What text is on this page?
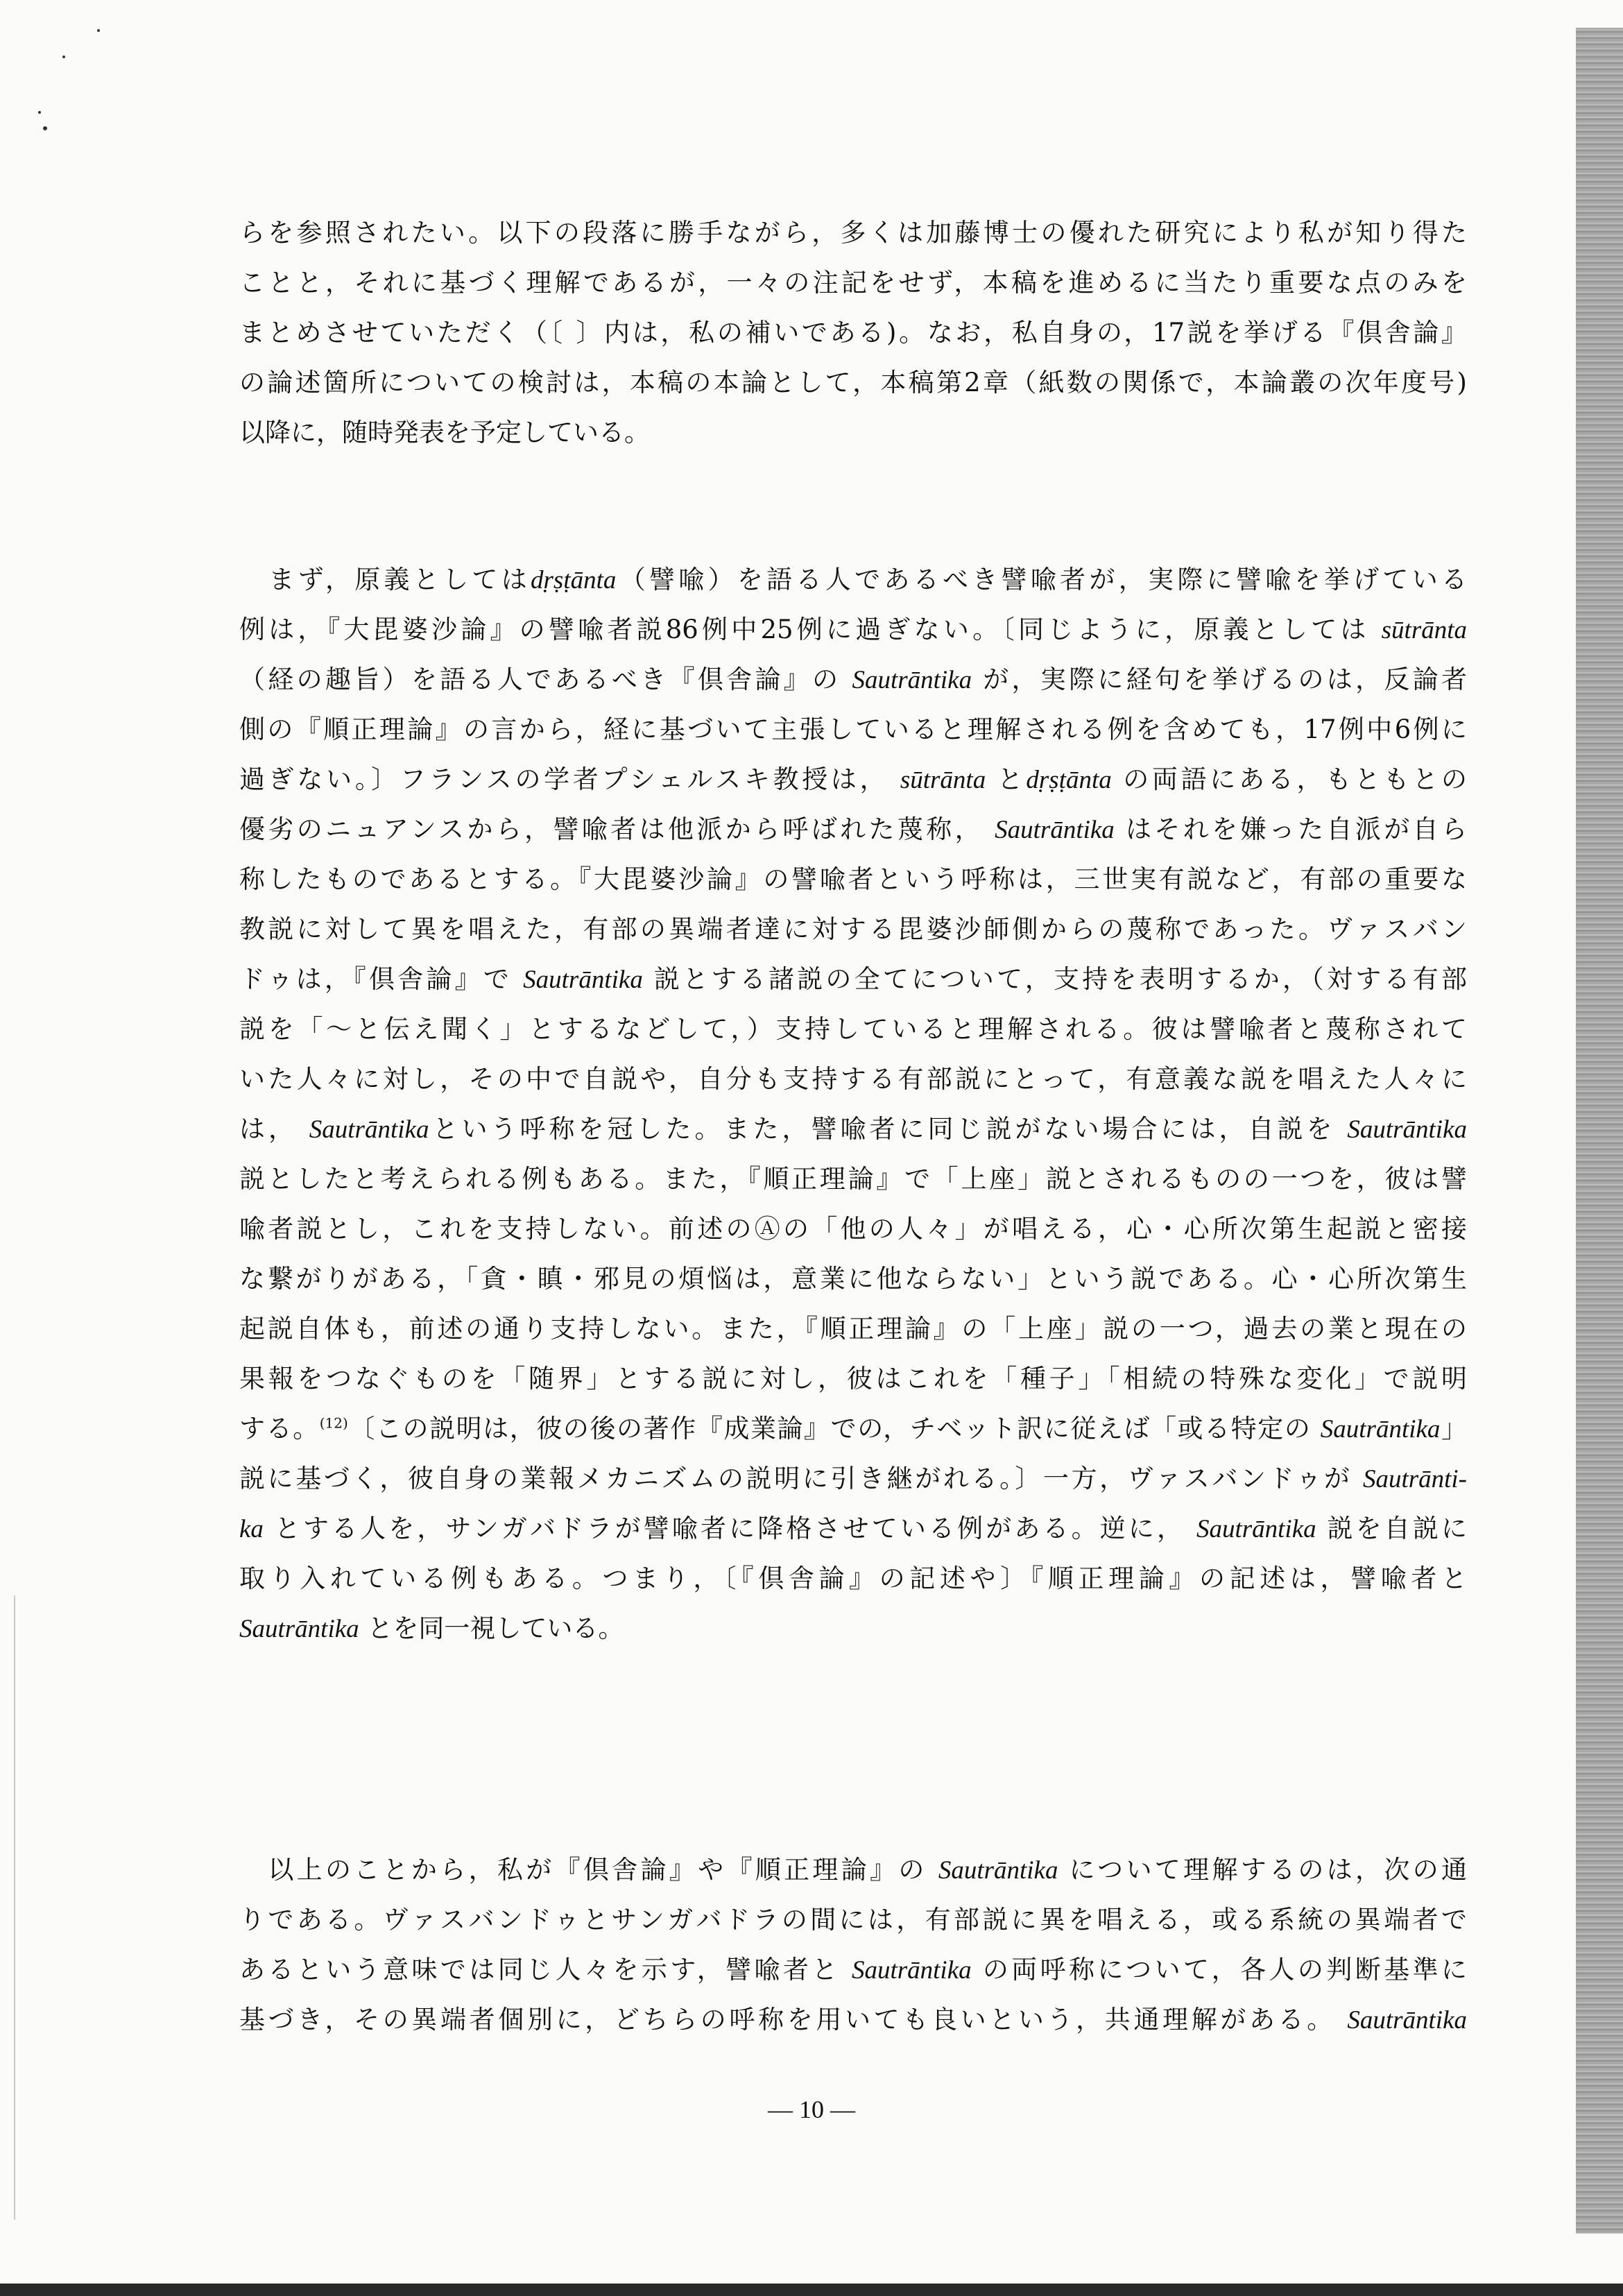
らを参照されたい。以下の段落に勝手ながら，多くは加藤博士の優れた研究により私が知り得た
ことと，それに基づく理解であるが，一々の注記をせず，本稿を進めるに当たり重要な点のみを
まとめさせていただく（〔 〕内は，私の補いである)。なお，私自身の，17説を挙げる『倶舎論』
の論述箇所についての検討は，本稿の本論として，本稿第2章（紙数の関係で，本論叢の次年度号)
以降に，随時発表を予定している。
　まず，原義としてはdṛṣṭānta（譬喩）を語る人であるべき譬喩者が，実際に譬喩を挙げている
例は，『大毘婆沙論』の譬喩者説86例中25例に過ぎない。〔同じように，原義としては sūtrānta
（経の趣旨）を語る人であるべき『倶舎論』の Sautrāntika が，実際に経句を挙げるのは，反論者
側の『順正理論』の言から，経に基づいて主張していると理解される例を含めても，17例中6例に
過ぎない。〕フランスの学者プシェルスキ教授は， sūtrānta とdṛṣṭānta の両語にある，もともとの
優劣のニュアンスから，譬喩者は他派から呼ばれた蔑称， Sautrāntika はそれを嫌った自派が自ら
称したものであるとする。『大毘婆沙論』の譬喩者という呼称は，三世実有説など，有部の重要な
教説に対して異を唱えた，有部の異端者達に対する毘婆沙師側からの蔑称であった。ヴァスバン
ドゥは，『倶舎論』で Sautrāntika 説とする諸説の全てについて，支持を表明するか，（対する有部
説を「～と伝え聞く」とするなどして，）支持していると理解される。彼は譬喩者と蔑称されて
いた人々に対し，その中で自説や，自分も支持する有部説にとって，有意義な説を唱えた人々に
は， Sautrāntikaという呼称を冠した。また，譬喩者に同じ説がない場合には，自説を Sautrāntika
説としたと考えられる例もある。また，『順正理論』で「上座」説とされるものの一つを，彼は譬
喩者説とし，これを支持しない。前述のⒶの「他の人々」が唱える，心・心所次第生起説と密接
な繋がりがある，「貪・瞋・邪見の煩悩は，意業に他ならない」という説である。心・心所次第生
起説自体も，前述の通り支持しない。また，『順正理論』の「上座」説の一つ，過去の業と現在の
果報をつなぐものを「随界」とする説に対し，彼はこれを「種子」「相続の特殊な変化」で説明
する。$^{(12)}$〔この説明は，彼の後の著作『成業論』での，チベット訳に従えば「或る特定の Sautrāntika」
説に基づく，彼自身の業報メカニズムの説明に引き継がれる。〕一方，ヴァスバンドゥが Sautrānti-
ka とする人を，サンガバドラが譬喩者に降格させている例がある。逆に， Sautrāntika 説を自説に
取り入れている例もある。つまり，〔『倶舎論』の記述や〕『順正理論』の記述は，譬喩者と
Sautrāntika とを同一視している。
　以上のことから，私が『倶舎論』や『順正理論』の Sautrāntika について理解するのは，次の通
りである。ヴァスバンドゥとサンガバドラの間には，有部説に異を唱える，或る系統の異端者で
あるという意味では同じ人々を示す，譬喩者と Sautrāntika の両呼称について，各人の判断基準に
基づき，その異端者個別に，どちらの呼称を用いても良いという，共通理解がある。 Sautrāntika
— 10 —
